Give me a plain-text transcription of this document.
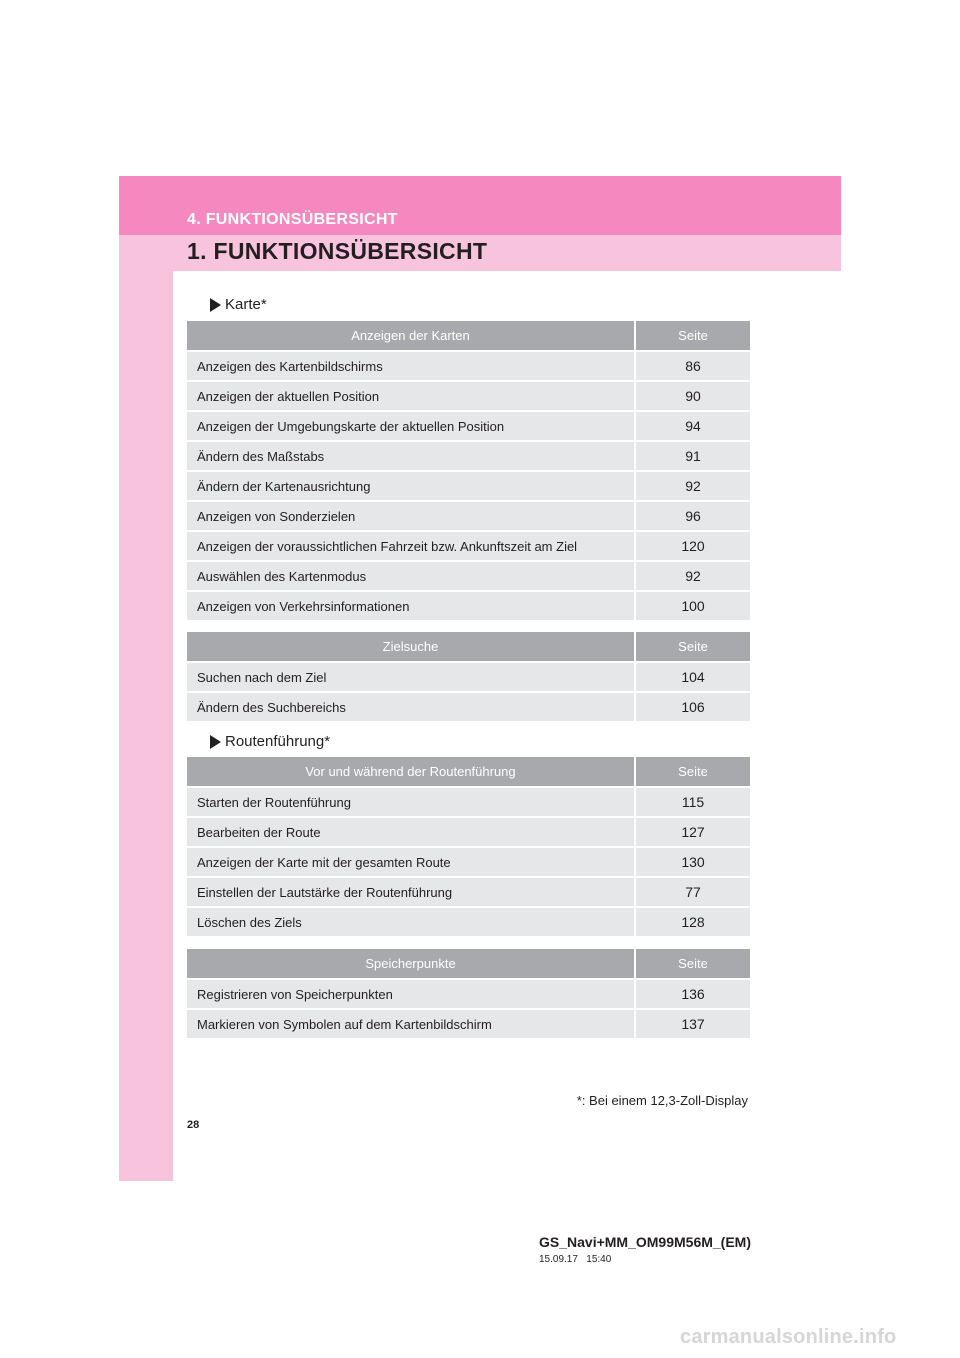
4. FUNKTIONSÜBERSICHT
1. FUNKTIONSÜBERSICHT
Karte*
Anzeigen der Karten	Seite
Anzeigen des Kartenbildschirms	86
Anzeigen der aktuellen Position	90
Anzeigen der Umgebungskarte der aktuellen Position	94
Ändern des Maßstabs	91
Ändern der Kartenausrichtung	92
Anzeigen von Sonderzielen	96
Anzeigen der voraussichtlichen Fahrzeit bzw. Ankunftszeit am Ziel	120
Auswählen des Kartenmodus	92
Anzeigen von Verkehrsinformationen	100
Zielsuche	Seite
Suchen nach dem Ziel	104
Ändern des Suchbereichs	106
Routenführung*
Vor und während der Routenführung	Seite
Starten der Routenführung	115
Bearbeiten der Route	127
Anzeigen der Karte mit der gesamten Route	130
Einstellen der Lautstärke der Routenführung	77
Löschen des Ziels	128
Speicherpunkte	Seite
Registrieren von Speicherpunkten	136
Markieren von Symbolen auf dem Kartenbildschirm	137
*: Bei einem 12,3-Zoll-Display
28
GS_Navi+MM_OM99M56M_(EM)
15.09.17   15:40
carmanualsonline.info
